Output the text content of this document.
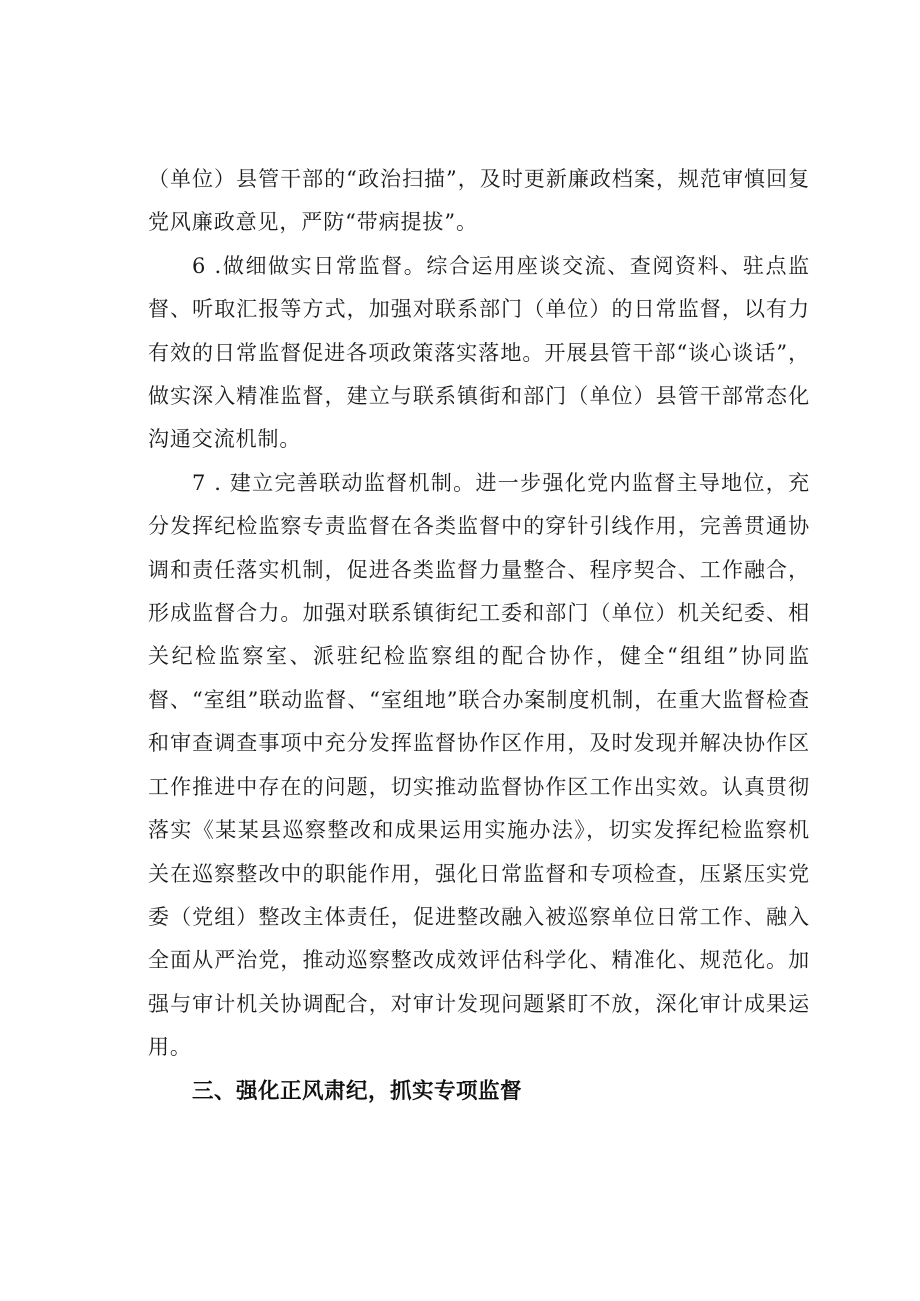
（单位）县管干部的“政治扫描”，及时更新廉政档案，规范审慎回复党风廉政意见，严防“带病提拔”。

6 .做细做实日常监督。综合运用座谈交流、查阅资料、驻点监督、听取汇报等方式，加强对联系部门（单位）的日常监督，以有力有效的日常监督促进各项政策落实落地。开展县管干部“谈心谈话”，做实深入精准监督，建立与联系镇街和部门（单位）县管干部常态化沟通交流机制。

7 . 建立完善联动监督机制。进一步强化党内监督主导地位，充分发挥纪检监察专责监督在各类监督中的穿针引线作用，完善贯通协调和责任落实机制，促进各类监督力量整合、程序契合、工作融合，形成监督合力。加强对联系镇街纪工委和部门（单位）机关纪委、相关纪检监察室、派驻纪检监察组的配合协作，健全“组组”协同监督、“室组”联动监督、“室组地”联合办案制度机制，在重大监督检查和审查调查事项中充分发挥监督协作区作用，及时发现并解决协作区工作推进中存在的问题，切实推动监督协作区工作出实效。认真贯彻落实《某某县巡察整改和成果运用实施办法》，切实发挥纪检监察机关在巡察整改中的职能作用，强化日常监督和专项检查，压紧压实党委（党组）整改主体责任，促进整改融入被巡察单位日常工作、融入全面从严治党，推动巡察整改成效评估科学化、精准化、规范化。加强与审计机关协调配合，对审计发现问题紧盯不放，深化审计成果运用。

三、强化正风肃纪，抓实专项监督
